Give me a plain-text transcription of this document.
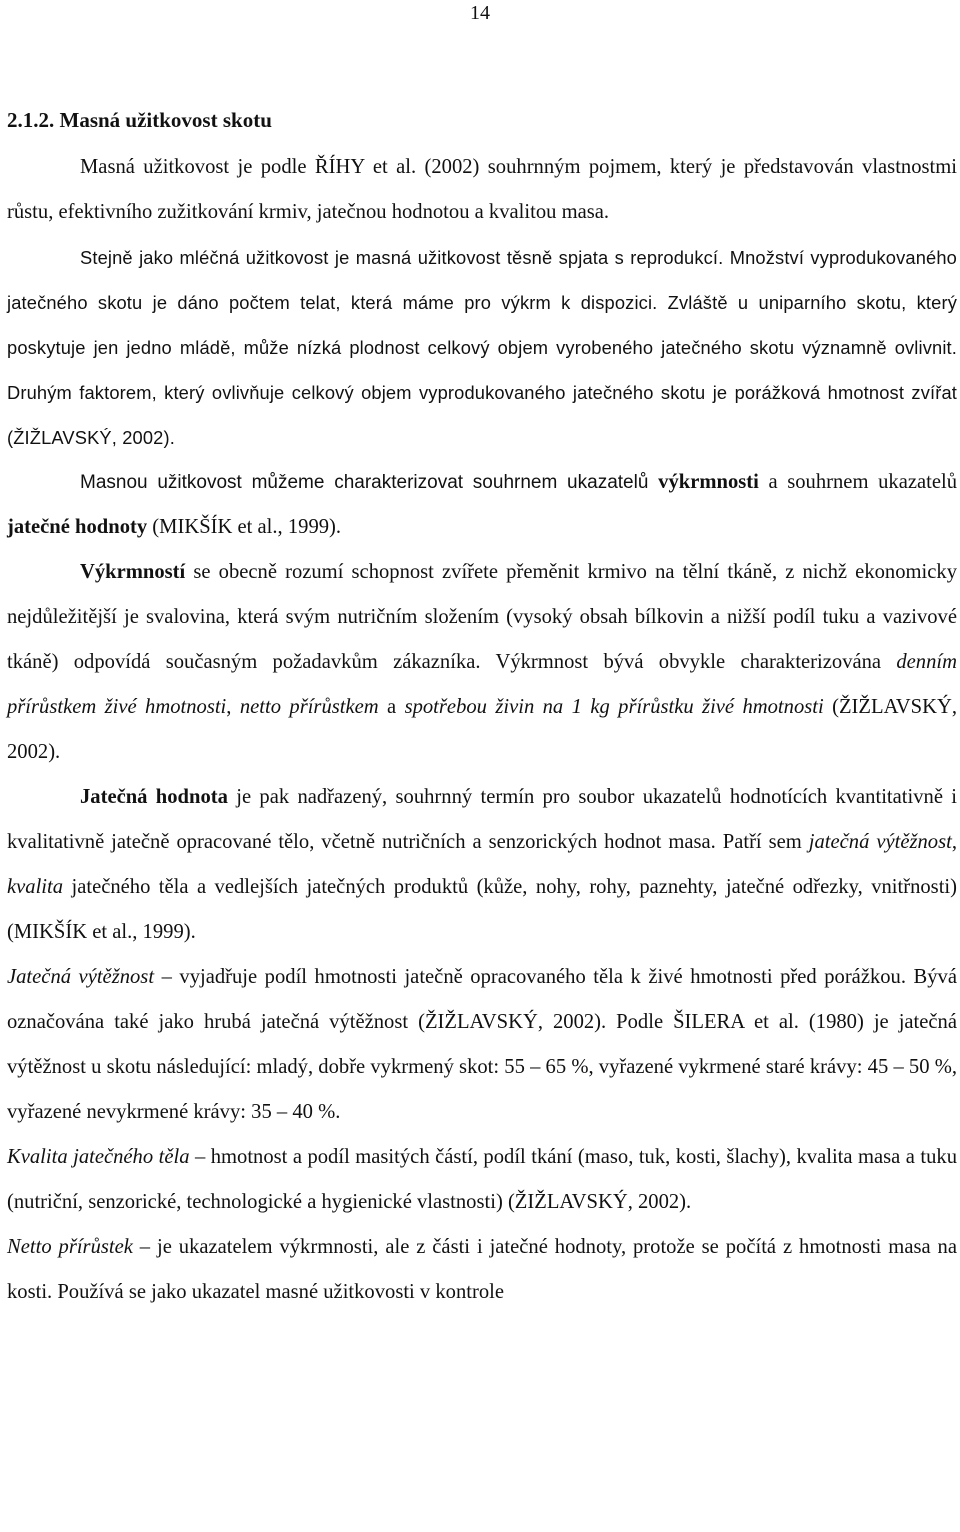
14
2.1.2. Masná užitkovost skotu

Masná užitkovost je podle ŘÍHY et al. (2002) souhrnným pojmem, který je představován vlastnostmi růstu, efektivního zužitkování krmiv, jatečnou hodnotou a kvalitou masa.

Stejně jako mléčná užitkovost je masná užitkovost těsně spjata s reprodukcí. Množství vyprodukovaného jatečného skotu je dáno počtem telat, která máme pro výkrm k dispozici. Zvláště u uniparního skotu, který poskytuje jen jedno mládě, může nízká plodnost celkový objem vyrobeného jatečného skotu významně ovlivnit. Druhým faktorem, který ovlivňuje celkový objem vyprodukovaného jatečného skotu je porážková hmotnost zvířat (ŽIŽLAVSKÝ, 2002).

Masnou užitkovost můžeme charakterizovat souhrnem ukazatelů výkrmnosti a souhrnem ukazatelů jatečné hodnoty (MIKŠÍK et al., 1999).

Výkrmností se obecně rozumí schopnost zvířete přeměnit krmivo na tělní tkáně, z nichž ekonomicky nejdůležitější je svalovina, která svým nutričním složením (vysoký obsah bílkovin a nižší podíl tuku a vazivové tkáně) odpovídá současným požadavkům zákazníka. Výkrmnost bývá obvykle charakterizována denním přírůstkem živé hmotnosti, netto přírůstkem a spotřebou živin na 1 kg přírůstku živé hmotnosti (ŽIŽLAVSKÝ, 2002).

Jatečná hodnota je pak nadřazený, souhrnný termín pro soubor ukazatelů hodnotících kvantitativně i kvalitativně jatečně opracované tělo, včetně nutričních a senzorických hodnot masa. Patří sem jatečná výtěžnost, kvalita jatečného těla a vedlejších jatečných produktů (kůže, nohy, rohy, paznehty, jatečné odřezky, vnitřnosti) (MIKŠÍK et al., 1999).

Jatečná výtěžnost – vyjadřuje podíl hmotnosti jatečně opracovaného těla k živé hmotnosti před porážkou. Bývá označována také jako hrubá jatečná výtěžnost (ŽIŽLAVSKÝ, 2002). Podle ŠILERA et al. (1980) je jatečná výtěžnost u skotu následující: mladý, dobře vykrmený skot: 55 – 65 %, vyřazené vykrmené staré krávy: 45 – 50 %, vyřazené nevykrmené krávy: 35 – 40 %.

Kvalita jatečného těla – hmotnost a podíl masitých částí, podíl tkání (maso, tuk, kosti, šlachy), kvalita masa a tuku (nutriční, senzorické, technologické a hygienické vlastnosti) (ŽIŽLAVSKÝ, 2002).

Netto přírůstek – je ukazatelem výkrmnosti, ale z části i jatečné hodnoty, protože se počítá z hmotnosti masa na kosti. Používá se jako ukazatel masné užitkovosti v kontrole
